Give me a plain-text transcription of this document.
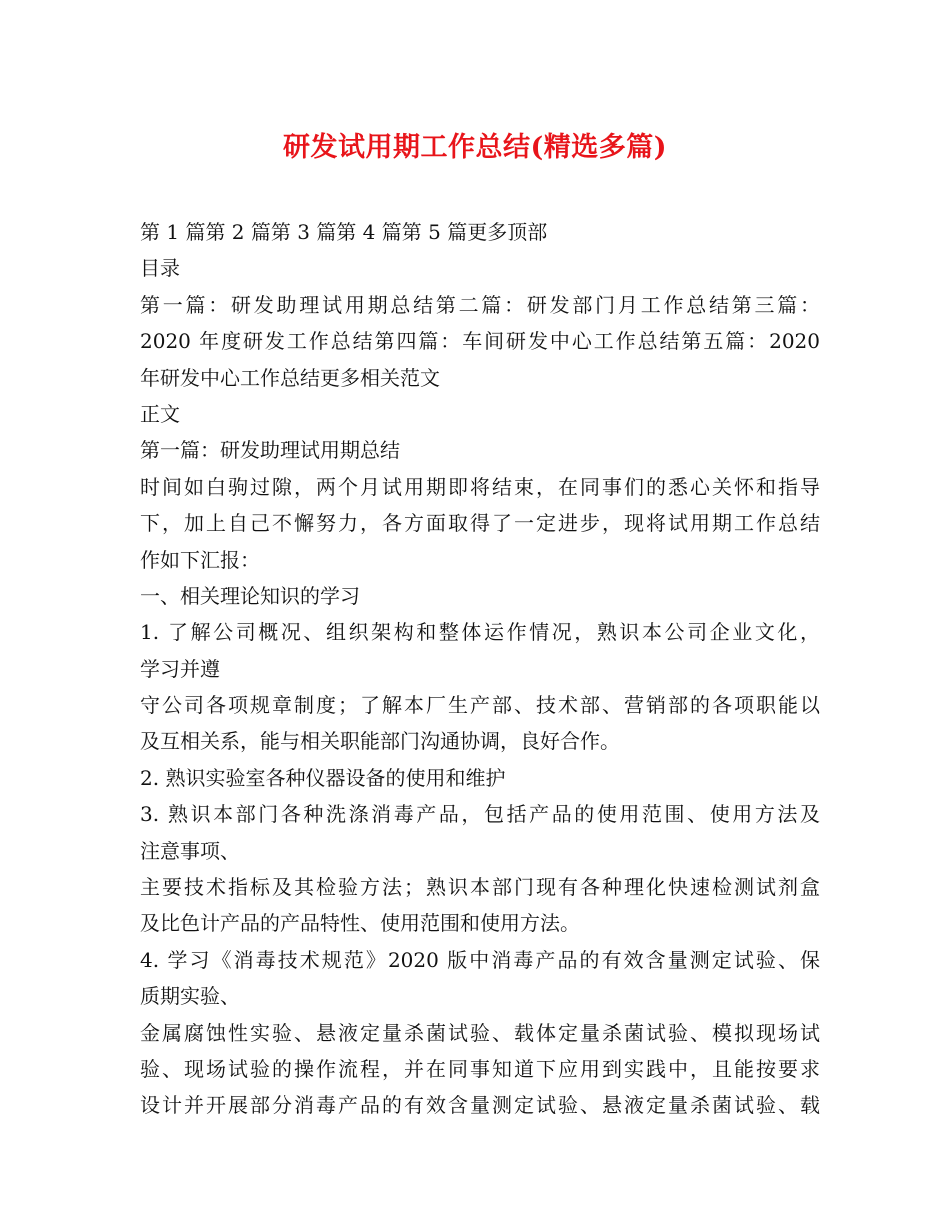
研发试用期工作总结(精选多篇)
第 1 篇第 2 篇第 3 篇第 4 篇第 5 篇更多顶部
目录
第一篇：研发助理试用期总结第二篇：研发部门月工作总结第三篇：
2020 年度研发工作总结第四篇：车间研发中心工作总结第五篇：2020
年研发中心工作总结更多相关范文
正文
第一篇：研发助理试用期总结
时间如白驹过隙，两个月试用期即将结束，在同事们的悉心关怀和指导
下，加上自己不懈努力，各方面取得了一定进步，现将试用期工作总结
作如下汇报：
一、相关理论知识的学习
1. 了解公司概况、组织架构和整体运作情况，熟识本公司企业文化，
学习并遵
守公司各项规章制度；了解本厂生产部、技术部、营销部的各项职能以
及互相关系，能与相关职能部门沟通协调，良好合作。
2. 熟识实验室各种仪器设备的使用和维护
3. 熟识本部门各种洗涤消毒产品，包括产品的使用范围、使用方法及
注意事项、
主要技术指标及其检验方法；熟识本部门现有各种理化快速检测试剂盒
及比色计产品的产品特性、使用范围和使用方法。
4. 学习《消毒技术规范》2020 版中消毒产品的有效含量测定试验、保
质期实验、
金属腐蚀性实验、悬液定量杀菌试验、载体定量杀菌试验、模拟现场试
验、现场试验的操作流程，并在同事知道下应用到实践中，且能按要求
设计并开展部分消毒产品的有效含量测定试验、悬液定量杀菌试验、载
